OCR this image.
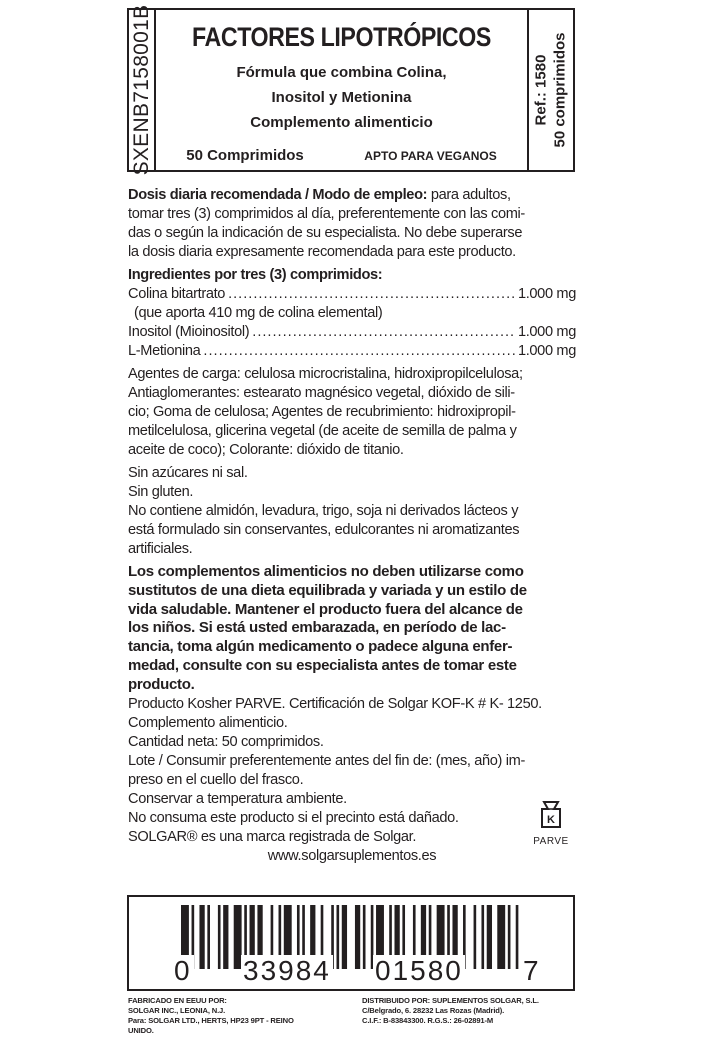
SXENB7158001B	FACTORES LIPOTRÓPICOS
Fórmula que combina Colina,
Inositol y Metionina
Complemento alimenticio
50 Comprimidos	APTO PARA VEGANOS
Ref.: 1580 50 comprimidos

Dosis diaria recomendada / Modo de empleo: para adultos,

tomar tres (3) comprimidos al día, preferentemente con las comi-

das o según la indicación de su especialista. No debe superarse

la dosis diaria expresamente recomendada para este producto.

Ingredientes por tres (3) comprimidos:

Colina bitartrato .....	1.000 mg

(que aporta 410 mg de colina elemental)

Inositol (Mioinositol) .....	1.000 mg
L-Metionina .....	1.000 mg

Agentes de carga: celulosa microcristalina, hidroxipropilcelulosa;

Antiaglomerantes: estearato magnésico vegetal, dióxido de sili-

cio; Goma de celulosa; Agentes de recubrimiento: hidroxipropil-

metilcelulosa, glicerina vegetal (de aceite de semilla de palma y

aceite de coco); Colorante: dióxido de titanio.

Sin azúcares ni sal.

Sin gluten.

No contiene almidón, levadura, trigo, soja ni derivados lácteos y

está formulado sin conservantes, edulcorantes ni aromatizantes

artificiales.

Los complementos alimenticios no deben utilizarse como

sustitutos de una dieta equilibrada y variada y un estilo de

vida saludable. Mantener el producto fuera del alcance de

los niños. Si está usted embarazada, en período de lac-

tancia, toma algún medicamento o padece alguna enfer-

medad, consulte con su especialista antes de tomar este

producto.

Producto Kosher PARVE. Certificación de Solgar KOF-K # K- 1250.

Complemento alimenticio.

Cantidad neta: 50 comprimidos.

Lote / Consumir preferentemente antes del fin de: (mes, año) im-

preso en el cuello del frasco.

Conservar a temperatura ambiente.

No consuma este producto si el precinto está dañado.

SOLGAR® es una marca registrada de Solgar.

www.solgarsuplementos.es

K
PARVE
0 33984 01580 7
FABRICADO EN EEUU POR:
SOLGAR INC., LEONIA, N.J.
Para: SOLGAR LTD., HERTS, HP23 9PT - REINO UNIDO.
DISTRIBUIDO POR: SUPLEMENTOS SOLGAR, S.L.
C/Belgrado, 6. 28232 Las Rozas (Madrid).
C.I.F.: B-83843300. R.G.S.: 26-02891-M
